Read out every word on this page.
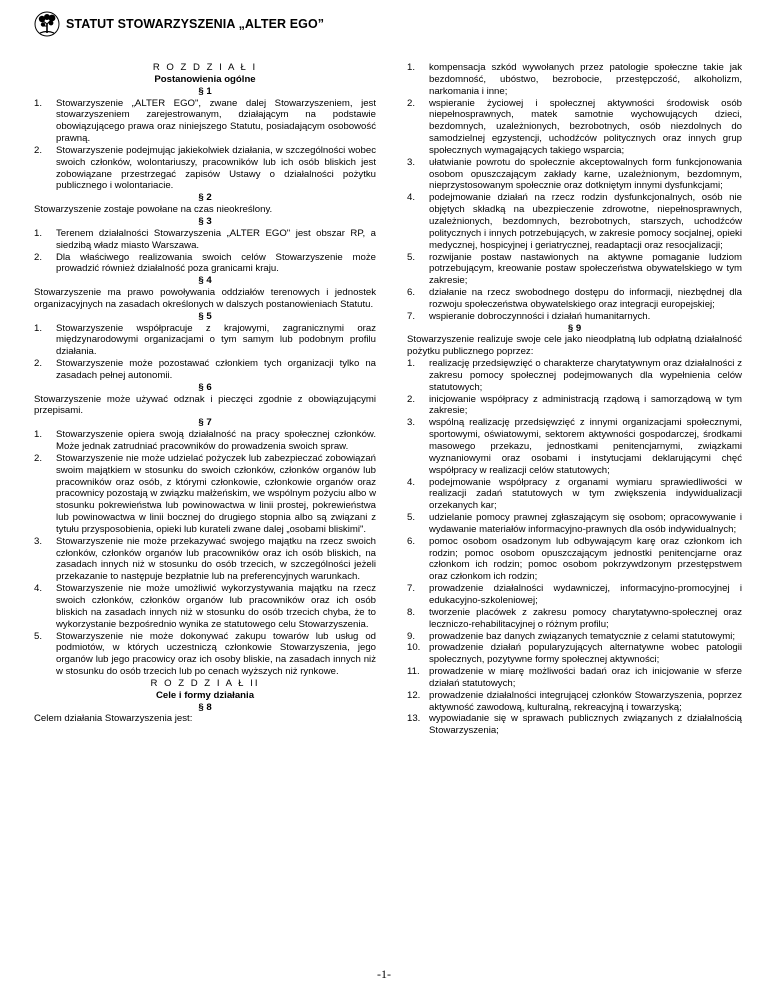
STATUT STOWARZYSZENIA „ALTER EGO”
R O Z D Z I A Ł I
Postanowienia ogólne
§ 1
1. Stowarzyszenie „ALTER EGO", zwane dalej Stowarzyszeniem, jest stowarzyszeniem zarejestrowanym, działającym na podstawie obowiązującego prawa oraz niniejszego Statutu, posiadającym osobowość prawną.
2. Stowarzyszenie podejmując jakiekolwiek działania, w szczególności wobec swoich członków, wolontariuszy, pracowników lub ich osób bliskich jest zobowiązane przestrzegać zapisów Ustawy o działalności pożytku publicznego i wolontariacie.
§ 2

Stowarzyszenie zostaje powołane na czas nieokreślony.

§ 3
1. Terenem działalności Stowarzyszenia „ALTER EGO" jest obszar RP, a siedzibą władz miasto Warszawa.
2. Dla właściwego realizowania swoich celów Stowarzyszenie może prowadzić również działalność poza granicami kraju.
§ 4

Stowarzyszenie ma prawo powoływania oddziałów terenowych i jednostek organizacyjnych na zasadach określonych w dalszych postanowieniach Statutu.

§ 5
1. Stowarzyszenie współpracuje z krajowymi, zagranicznymi oraz międzynarodowymi organizacjami o tym samym lub podobnym profilu działania.
2. Stowarzyszenie może pozostawać członkiem tych organizacji tylko na zasadach pełnej autonomii.
§ 6

Stowarzyszenie może używać odznak i pieczęci zgodnie z obowiązującymi przepisami.

§ 7
1. Stowarzyszenie opiera swoją działalność na pracy społecznej członków. Może jednak zatrudniać pracowników do prowadzenia swoich spraw.
2. Stowarzyszenie nie może udzielać pożyczek lub zabezpieczać zobowiązań swoim majątkiem w stosunku do swoich członków, członków organów lub pracowników oraz osób, z którymi członkowie, członkowie organów oraz pracownicy pozostają w związku małżeńskim, we wspólnym pożyciu albo w stosunku pokrewieństwa lub powinowactwa w linii prostej, pokrewieństwa lub powinowactwa w linii bocznej do drugiego stopnia albo są związani z tytułu przysposobienia, opieki lub kurateli zwane dalej „osobami bliskimi".
3. Stowarzyszenie nie może przekazywać swojego majątku na rzecz swoich członków, członków organów lub pracowników oraz ich osób bliskich, na zasadach innych niż w stosunku do osób trzecich, w szczególności jeżeli przekazanie to następuje bezpłatnie lub na preferencyjnych warunkach.
4. Stowarzyszenie nie może umożliwić wykorzystywania majątku na rzecz swoich członków, członków organów lub pracowników oraz ich osób bliskich na zasadach innych niż w stosunku do osób trzecich chyba, że to wykorzystanie bezpośrednio wynika ze statutowego celu Stowarzyszenia.
5. Stowarzyszenie nie może dokonywać zakupu towarów lub usług od podmiotów, w których uczestniczą członkowie Stowarzyszenia, jego organów lub jego pracowicy oraz ich osoby bliskie, na zasadach innych niż w stosunku do osób trzecich lub po cenach wyższych niż rynkowe.
R O Z D Z I A Ł II
Cele i formy działania
§ 8

Celem działania Stowarzyszenia jest:

1. kompensacja szkód wywołanych przez patologie społeczne takie jak bezdomność, ubóstwo, bezrobocie, przestępczość, alkoholizm, narkomania i inne;
2. wspieranie życiowej i społecznej aktywności środowisk osób niepełnosprawnych, matek samotnie wychowujących dzieci, bezdomnych, uzależnionych, bezrobotnych, osób niezdolnych do samodzielnej egzystencji, uchodźców politycznych oraz innych grup społecznych wymagających takiego wsparcia;
3. ułatwianie powrotu do społecznie akceptowalnych form funkcjonowania osobom opuszczającym zakłady karne, uzależnionym, bezdomnym, nieprzystosowanym społecznie oraz dotkniętym innymi dysfunkcjami;
4. podejmowanie działań na rzecz rodzin dysfunkcjonalnych, osób nie objętych składką na ubezpieczenie zdrowotne, niepełnosprawnych, uzależnionych, bezdomnych, bezrobotnych, starszych, uchodźców politycznych i innych potrzebujących, w zakresie pomocy socjalnej, opieki medycznej, hospicyjnej i geriatrycznej, readaptacji oraz resocjalizacji;
5. rozwijanie postaw nastawionych na aktywne pomaganie ludziom potrzebującym, kreowanie postaw społeczeństwa obywatelskiego w tym zakresie;
6. działanie na rzecz swobodnego dostępu do informacji, niezbędnej dla rozwoju społeczeństwa obywatelskiego oraz integracji europejskiej;
7. wspieranie dobroczynności i działań humanitarnych.
§ 9

Stowarzyszenie realizuje swoje cele jako nieodpłatną lub odpłatną działalność pożytku publicznego poprzez:

1. realizację przedsięwzięć o charakterze charytatywnym oraz działalności z zakresu pomocy społecznej podejmowanych dla wypełnienia celów statutowych;
2. inicjowanie współpracy z administracją rządową i samorządową w tym zakresie;
3. wspólną realizację przedsięwzięć z innymi organizacjami społecznymi, sportowymi, oświatowymi, sektorem aktywności gospodarczej, środkami masowego przekazu, jednostkami penitencjarnymi, związkami wyznaniowymi oraz osobami i instytucjami deklarującymi chęć współpracy w realizacji celów statutowych;
4. podejmowanie współpracy z organami wymiaru sprawiedliwości w realizacji zadań statutowych w tym zwiększenia indywidualizacji orzekanych kar;
5. udzielanie pomocy prawnej zgłaszającym się osobom; opracowywanie i wydawanie materiałów informacyjno-prawnych dla osób indywidualnych;
6. pomoc osobom osadzonym lub odbywającym karę oraz członkom ich rodzin; pomoc osobom opuszczającym jednostki penitencjarne oraz członkom ich rodzin; pomoc osobom pokrzywdzonym przestępstwem oraz członkom ich rodzin;
7. prowadzenie działalności wydawniczej, informacyjno-promocyjnej i edukacyjno-szkoleniowej;
8. tworzenie placówek z zakresu pomocy charytatywno-społecznej oraz leczniczo-rehabilitacyjnej o różnym profilu;
9. prowadzenie baz danych związanych tematycznie z celami statutowymi;
10. prowadzenie działań popularyzujących alternatywne wobec patologii społecznych, pozytywne formy społecznej aktywności;
11. prowadzenie w miarę możliwości badań oraz ich inicjowanie w sferze działań statutowych;
12. prowadzenie działalności integrującej członków Stowarzyszenia, poprzez aktywność zawodową, kulturalną, rekreacyjną i towarzyską;
13. wypowiadanie się w sprawach publicznych związanych z działalnością Stowarzyszenia;
-1-
